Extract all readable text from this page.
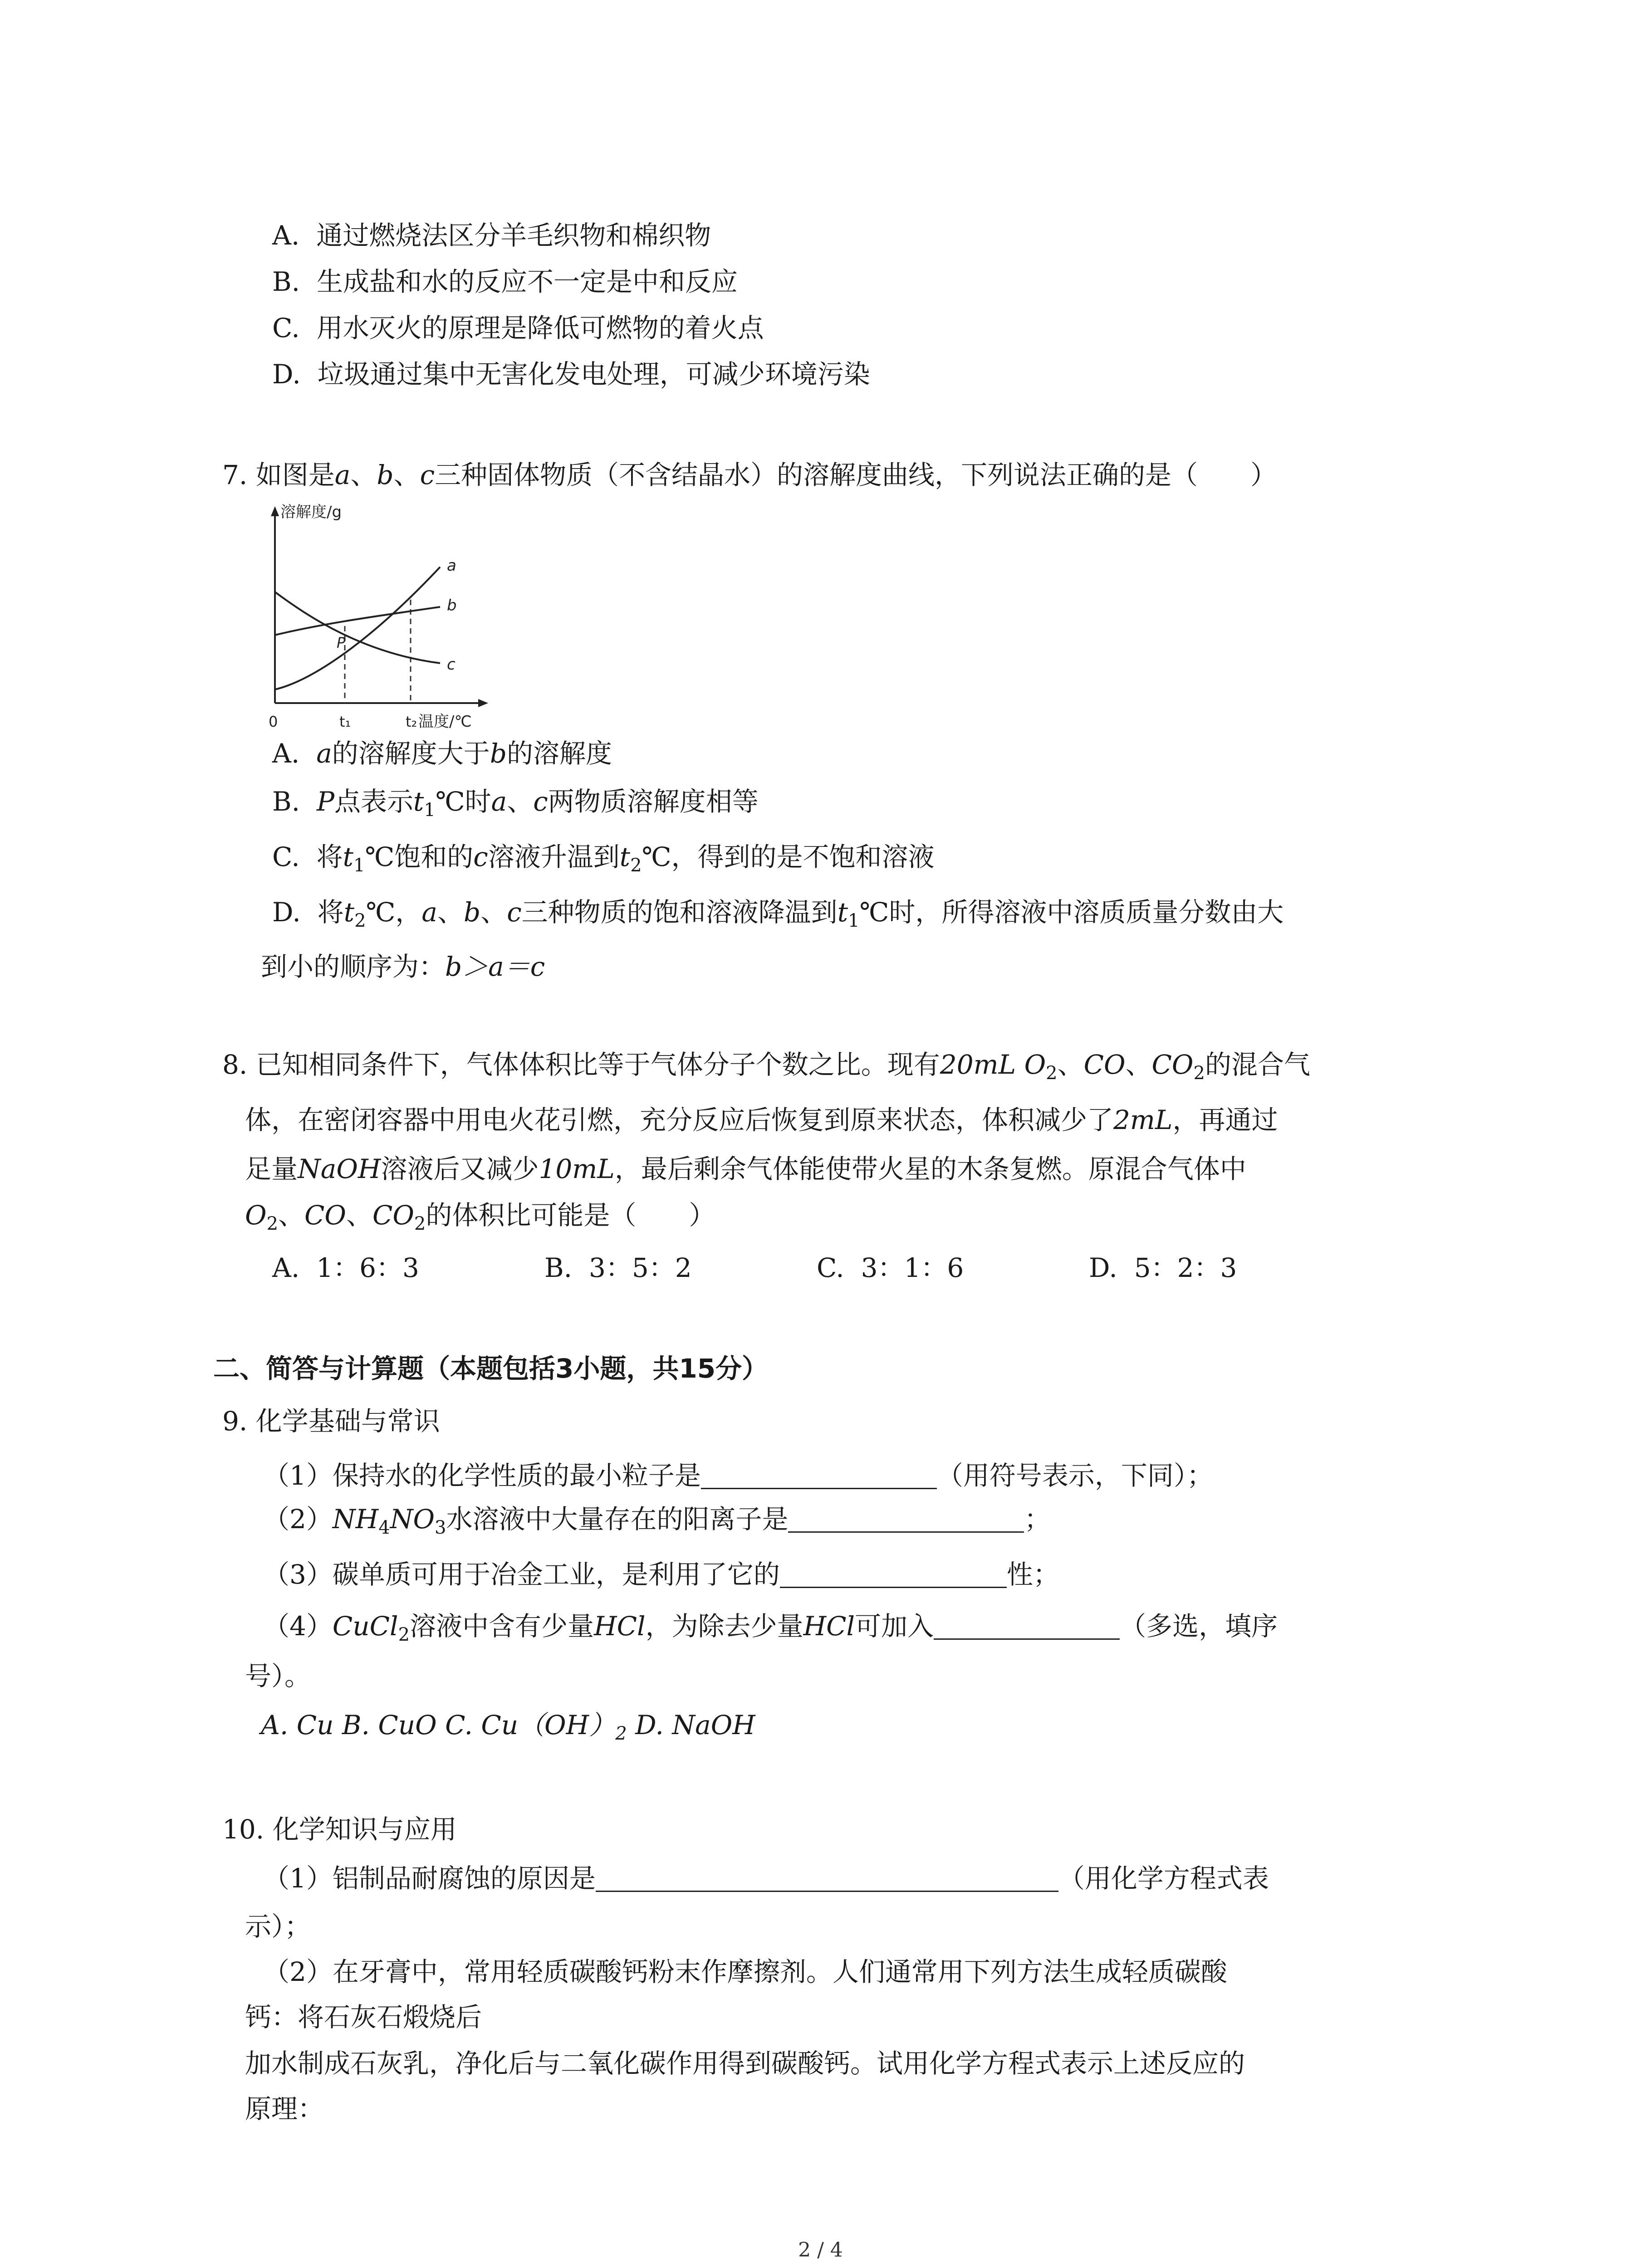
A. 通过燃烧法区分羊毛织物和棉织物
B. 生成盐和水的反应不一定是中和反应
C. 用水灭火的原理是降低可燃物的着火点
D. 垃圾通过集中无害化发电处理，可减少环境污染
7. 如图是a、b、c三种固体物质（不含结晶水）的溶解度曲线，下列说法正确的是（　　）
溶解度/g
温度/℃
0	t₁	t₂
P
a
b
c
A. a的溶解度大于b的溶解度
B. P点表示$t_1℃$时a、c两物质溶解度相等
C. 将$t_1℃$饱和的c溶液升温到$t_2℃$，得到的是不饱和溶液
D. 将$t_2℃$，a、b、c三种物质的饱和溶液降温到$t_1℃$时，所得溶液中溶质质量分数由大
到小的顺序为：b＞a＝c
8. 已知相同条件下，气体体积比等于气体分子个数之比。现有20mL $O_2$、CO、$CO_2$的混合气
体，在密闭容器中用电火花引燃，充分反应后恢复到原来状态，体积减少了2mL，再通过
足量NaOH溶液后又减少10mL，最后剩余气体能使带火星的木条复燃。原混合气体中
$O_2$、CO、$CO_2$的体积比可能是（　　）
A. 1：6：3	B. 3：5：2	C. 3：1：6	D. 5：2：3
二、简答与计算题（本题包括3小题，共15分）
9. 化学基础与常识
（1）保持水的化学性质的最小粒子是	（用符号表示，下同）；
$(2)NH_4NO_3$水溶液中大量存在的阳离子是	；
（3）碳单质可用于冶金工业，是利用了它的	性；
（4）CuCl$_2$溶液中含有少量HCl，为除去少量HCl可加入	（多选，填序
号）。
A. Cu B. CuO C. $Cu(OH)_2$ D. NaOH
10. 化学知识与应用
（1）铝制品耐腐蚀的原因是	（用化学方程式表
示）；
（2）在牙膏中，常用轻质碳酸钙粉末作摩擦剂。人们通常用下列方法生成轻质碳酸
钙：将石灰石煅烧后
加水制成石灰乳，净化后与二氧化碳作用得到碳酸钙。试用化学方程式表示上述反应的
原理：
2 / 4
